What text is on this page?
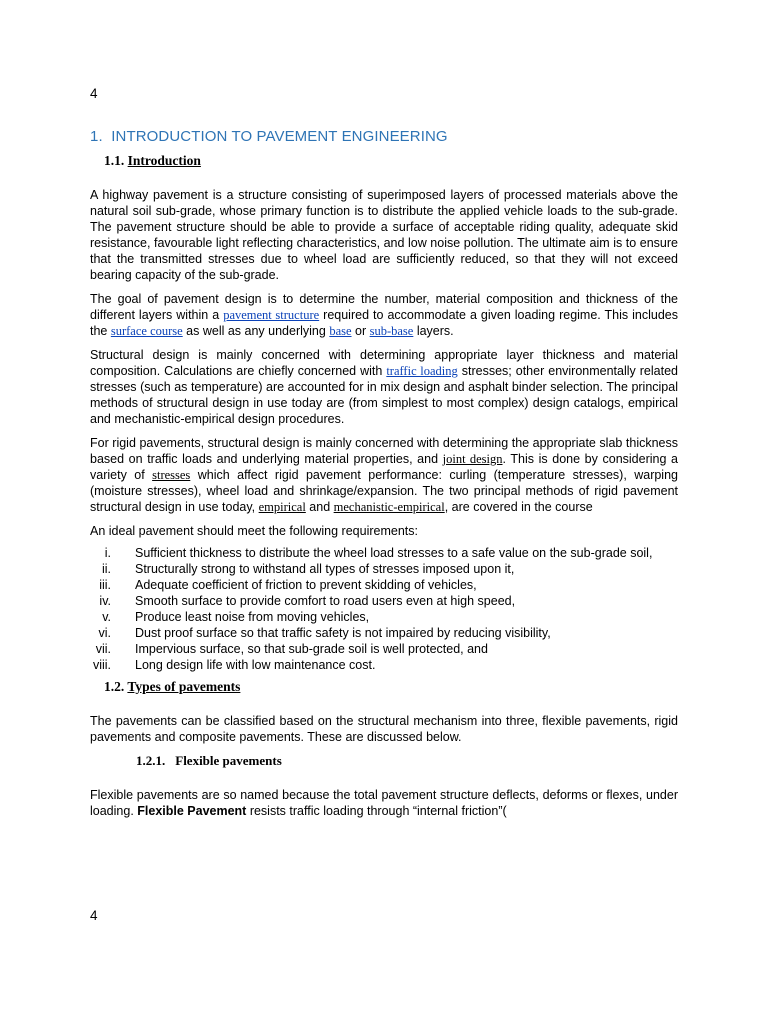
4
1. INTRODUCTION TO PAVEMENT ENGINEERING
1.1. Introduction

A highway pavement is a structure consisting of superimposed layers of processed materials above the natural soil sub-grade, whose primary function is to distribute the applied vehicle loads to the sub-grade. The pavement structure should be able to provide a surface of acceptable riding quality, adequate skid resistance, favourable light reflecting characteristics, and low noise pollution. The ultimate aim is to ensure that the transmitted stresses due to wheel load are sufficiently reduced, so that they will not exceed bearing capacity of the sub-grade.

The goal of pavement design is to determine the number, material composition and thickness of the different layers within a pavement structure required to accommodate a given loading regime. This includes the surface course as well as any underlying base or sub-base layers.

Structural design is mainly concerned with determining appropriate layer thickness and material composition. Calculations are chiefly concerned with traffic loading stresses; other environmentally related stresses (such as temperature) are accounted for in mix design and asphalt binder selection. The principal methods of structural design in use today are (from simplest to most complex) design catalogs, empirical and mechanistic-empirical design procedures.

For rigid pavements, structural design is mainly concerned with determining the appropriate slab thickness based on traffic loads and underlying material properties, and joint design. This is done by considering a variety of stresses which affect rigid pavement performance: curling (temperature stresses), warping (moisture stresses), wheel load and shrinkage/expansion. The two principal methods of rigid pavement structural design in use today, empirical and mechanistic-empirical, are covered in the course

An ideal pavement should meet the following requirements:

i. Sufficient thickness to distribute the wheel load stresses to a safe value on the sub-grade soil,
ii. Structurally strong to withstand all types of stresses imposed upon it,
iii. Adequate coefficient of friction to prevent skidding of vehicles,
iv. Smooth surface to provide comfort to road users even at high speed,
v. Produce least noise from moving vehicles,
vi. Dust proof surface so that traffic safety is not impaired by reducing visibility,
vii. Impervious surface, so that sub-grade soil is well protected, and
viii. Long design life with low maintenance cost.
1.2. Types of pavements

The pavements can be classified based on the structural mechanism into three, flexible pavements, rigid pavements and composite pavements. These are discussed below.

1.2.1. Flexible pavements

Flexible pavements are so named because the total pavement structure deflects, deforms or flexes, under loading. Flexible Pavement resists traffic loading through “internal friction”(

4
